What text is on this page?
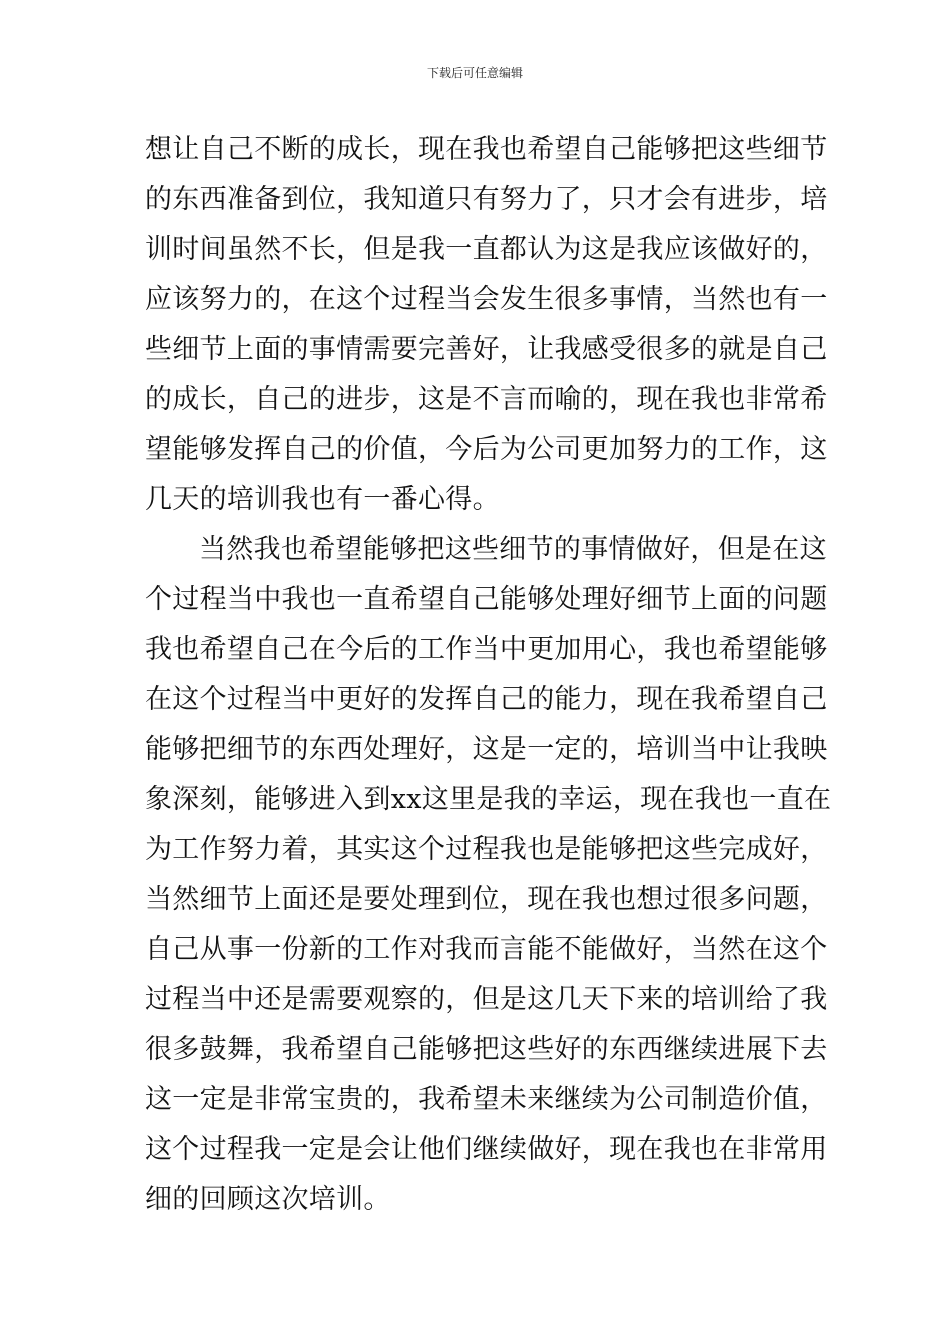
下载后可任意编辑
想让自己不断的成长，现在我也希望自己能够把这些细节
的东西准备到位，我知道只有努力了，只才会有进步，培
训时间虽然不长，但是我一直都认为这是我应该做好的，
应该努力的，在这个过程当会发生很多事情，当然也有一
些细节上面的事情需要完善好，让我感受很多的就是自己
的成长，自己的进步，这是不言而喻的，现在我也非常希
望能够发挥自己的价值，今后为公司更加努力的工作，这
几天的培训我也有一番心得。
当然我也希望能够把这些细节的事情做好，但是在这
个过程当中我也一直希望自己能够处理好细节上面的问题
我也希望自己在今后的工作当中更加用心，我也希望能够
在这个过程当中更好的发挥自己的能力，现在我希望自己
能够把细节的东西处理好，这是一定的，培训当中让我映
象深刻，能够进入到xx这里是我的幸运，现在我也一直在
为工作努力着，其实这个过程我也是能够把这些完成好，
当然细节上面还是要处理到位，现在我也想过很多问题，
自己从事一份新的工作对我而言能不能做好，当然在这个
过程当中还是需要观察的，但是这几天下来的培训给了我
很多鼓舞，我希望自己能够把这些好的东西继续进展下去
这一定是非常宝贵的，我希望未来继续为公司制造价值，
这个过程我一定是会让他们继续做好，现在我也在非常用
细的回顾这次培训。
